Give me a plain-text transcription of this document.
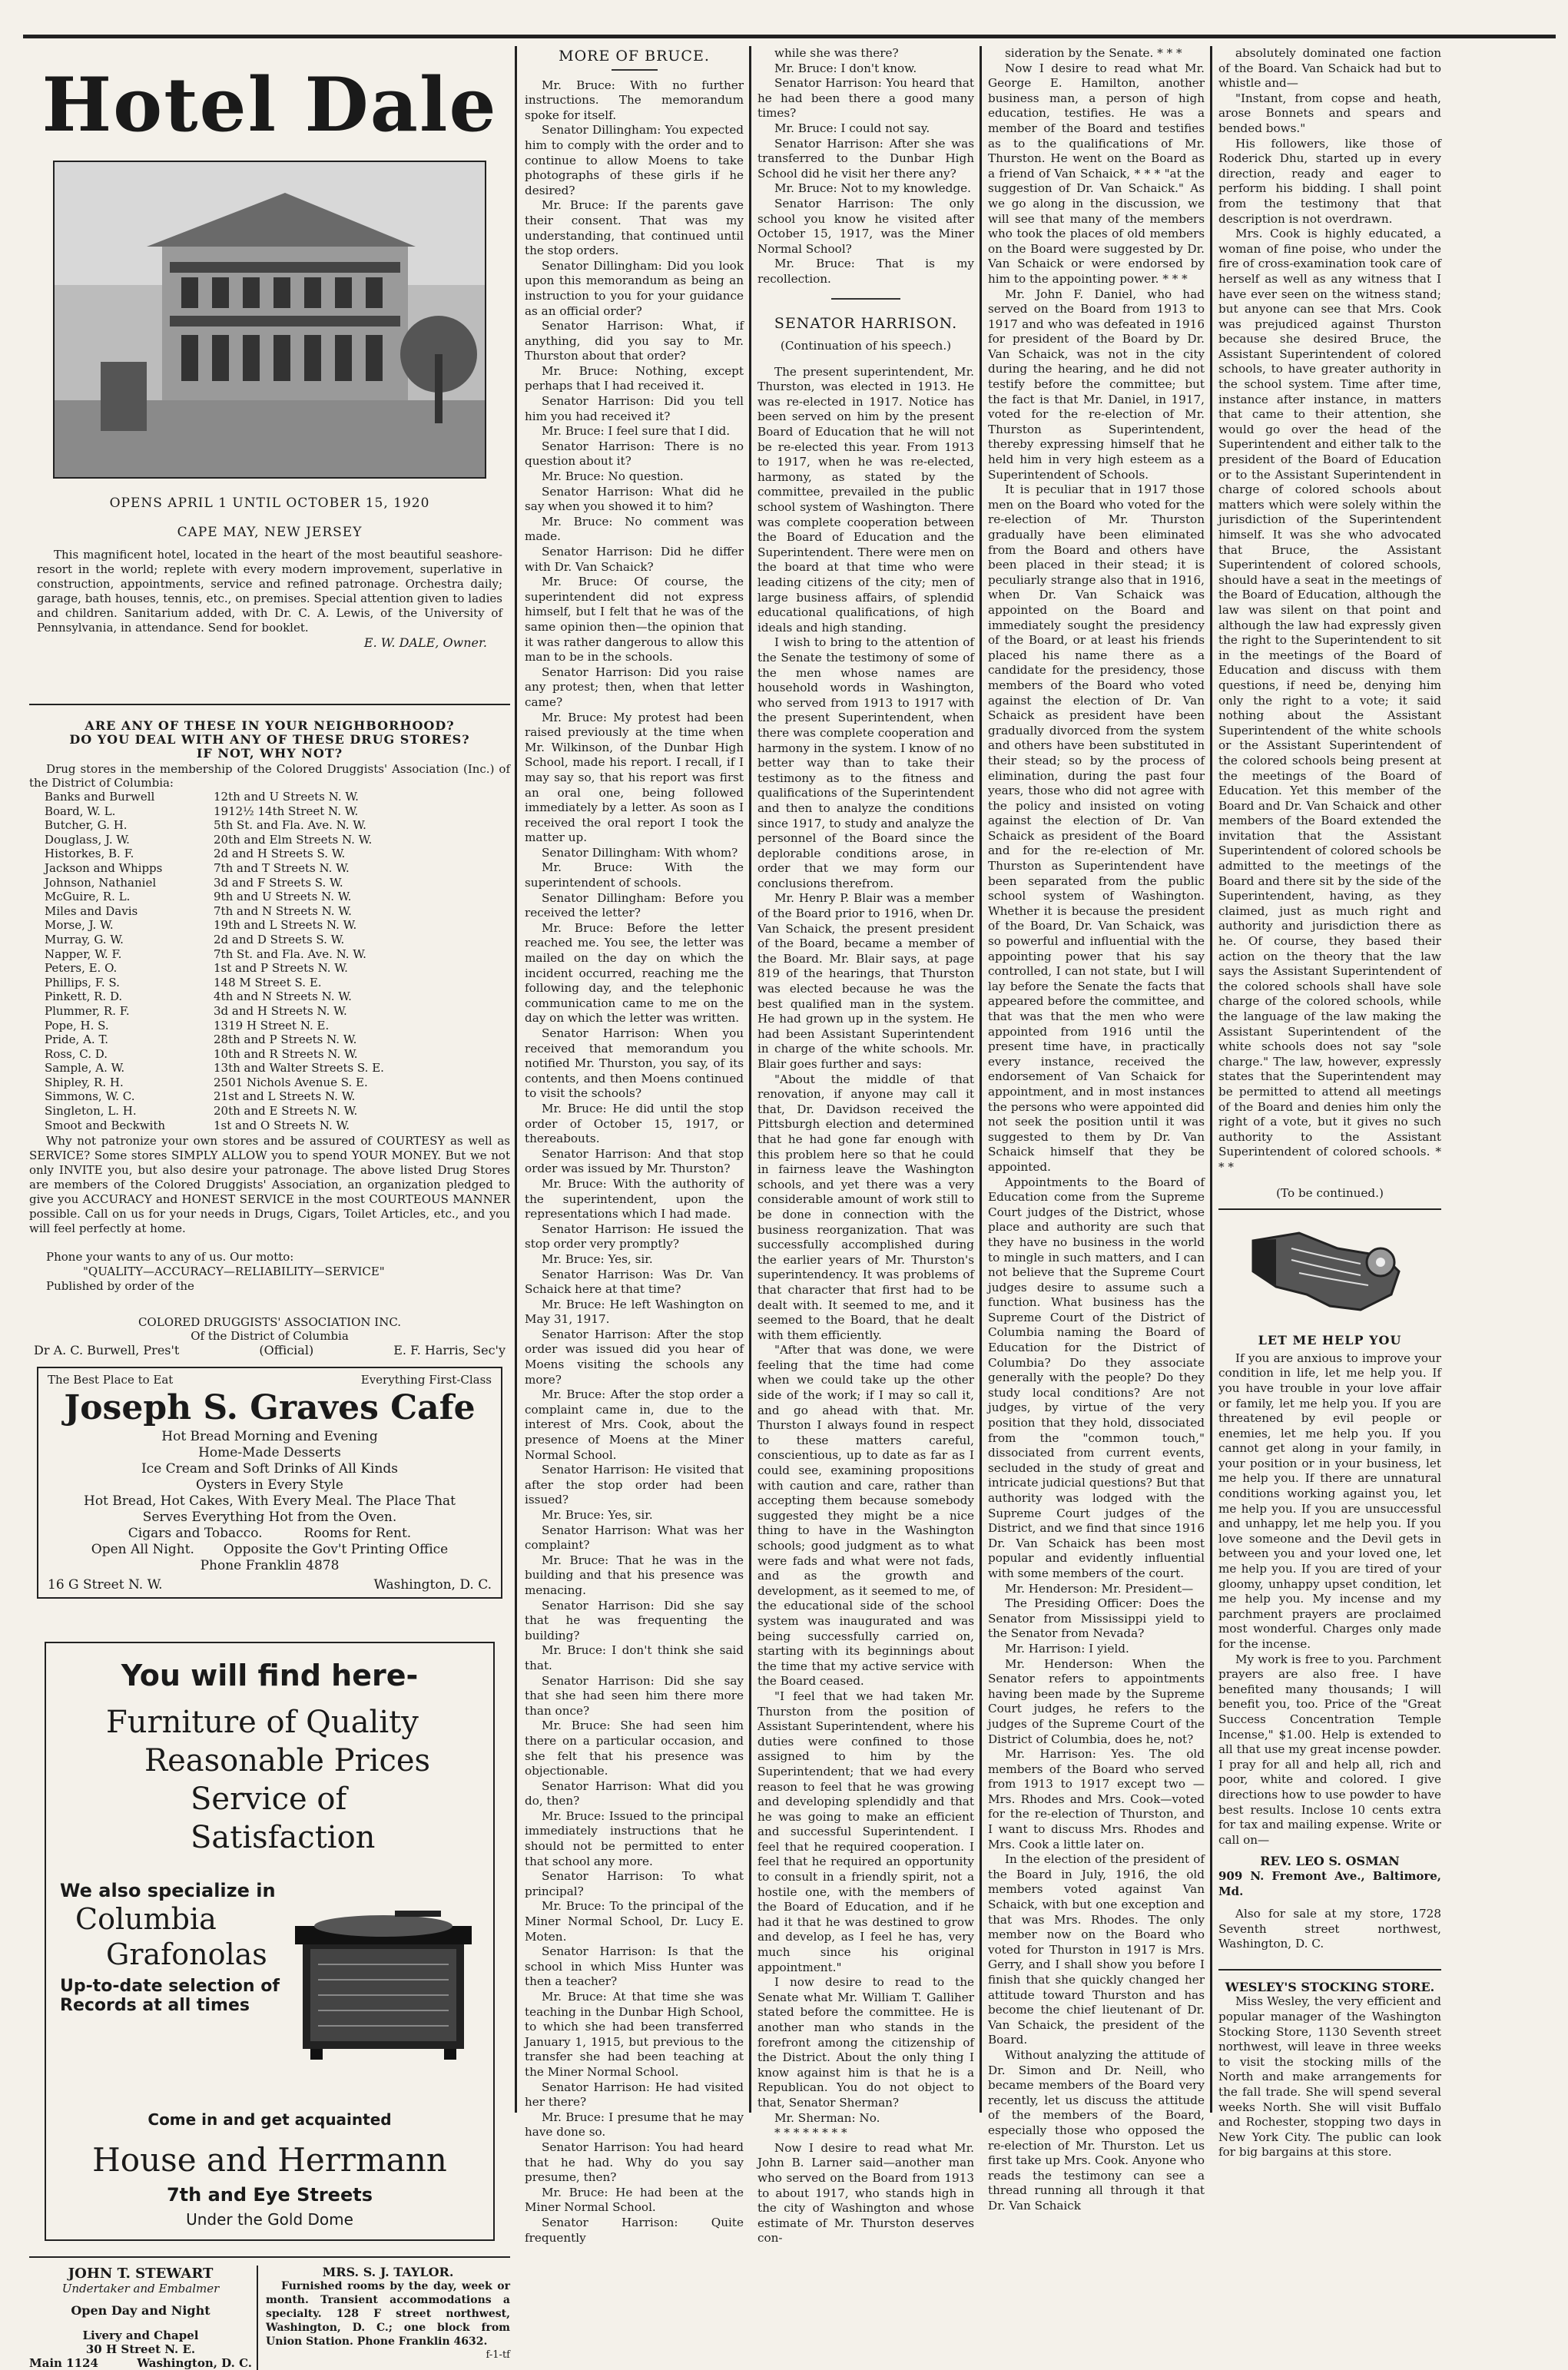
Hotel Dale
OPENS APRIL 1 UNTIL OCTOBER 15, 1920
CAPE MAY, NEW JERSEY
This magnificent hotel, located in the heart of the most beautiful seashore-resort in the world; replete with every modern improvement, superlative in construction, appointments, service and refined patronage. Orchestra daily; garage, bath houses, tennis, etc., on premises. Special attention given to ladies and children. Sanitarium added, with Dr. C. A. Lewis, of the University of Pennsylvania, in attendance. Send for booklet.
E. W. DALE, Owner.
ARE ANY OF THESE IN YOUR NEIGHBORHOOD?
DO YOU DEAL WITH ANY OF THESE DRUG STORES?
IF NOT, WHY NOT?
Drug stores in the membership of the Colored Druggists' Association (Inc.) of the District of Columbia:
Banks and Burwell	12th and U Streets N. W.
Board, W. L.	1912½ 14th Street N. W.
Butcher, G. H.	5th St. and Fla. Ave. N. W.
Douglass, J. W.	20th and Elm Streets N. W.
Historkes, B. F.	2d and H Streets S. W.
Jackson and Whipps	7th and T Streets N. W.
Johnson, Nathaniel	3d and F Streets S. W.
McGuire, R. L.	9th and U Streets N. W.
Miles and Davis	7th and N Streets N. W.
Morse, J. W.	19th and L Streets N. W.
Murray, G. W.	2d and D Streets S. W.
Napper, W. F.	7th St. and Fla. Ave. N. W.
Peters, E. O.	1st and P Streets N. W.
Phillips, F. S.	148 M Street S. E.
Pinkett, R. D.	4th and N Streets N. W.
Plummer, R. F.	3d and H Streets N. W.
Pope, H. S.	1319 H Street N. E.
Pride, A. T.	28th and P Streets N. W.
Ross, C. D.	10th and R Streets N. W.
Sample, A. W.	13th and Walter Streets S. E.
Shipley, R. H.	2501 Nichols Avenue S. E.
Simmons, W. C.	21st and L Streets N. W.
Singleton, L. H.	20th and E Streets N. W.
Smoot and Beckwith	1st and O Streets N. W.
Why not patronize your own stores and be assured of COURTESY as well as SERVICE? Some stores SIMPLY ALLOW you to spend YOUR MONEY. But we not only INVITE you, but also desire your patronage. The above listed Drug Stores are members of the Colored Druggists' Association, an organization pledged to give you ACCURACY and HONEST SERVICE in the most COURTEOUS MANNER possible. Call on us for your needs in Drugs, Cigars, Toilet Articles, etc., and you will feel perfectly at home.
Phone your wants to any of us. Our motto:
"QUALITY—ACCURACY—RELIABILITY—SERVICE"
Published by order of the
COLORED DRUGGISTS' ASSOCIATION INC.
Of the District of Columbia
Dr A. C. Burwell, Pres't	(Official)	E. F. Harris, Sec'y
The Best Place to Eat	Everything First-Class
Joseph S. Graves Cafe
Hot Bread Morning and Evening
Home-Made Desserts
Ice Cream and Soft Drinks of All Kinds
Oysters in Every Style
Hot Bread, Hot Cakes, With Every Meal. The Place That
Serves Everything Hot from the Oven.
Cigars and Tobacco.          Rooms for Rent.
Open All Night.       Opposite the Gov't Printing Office
Phone Franklin 4878
16 G Street N. W.	Washington, D. C.
You will find here-
Furniture of Quality
Reasonable Prices
Service of Satisfaction
We also specialize in
Columbia
Grafonolas
Up-to-date selection of
Records at all times
Come in and get acquainted
House and Herrmann
7th and Eye Streets
Under the Gold Dome
JOHN T. STEWART
Undertaker and Embalmer
Open Day and Night
Livery and Chapel
30 H Street N. E.
Main 1124	Washington, D. C.
MRS. S. J. TAYLOR.
Furnished rooms by the day, week or month. Transient accommodations a specialty. 128 F street northwest, Washington, D. C.; one block from Union Station. Phone Franklin 4632.
f-1-tf
MORE OF BRUCE.

Mr. Bruce: With no further instructions. The memorandum spoke for itself.

Senator Dillingham: You expected him to comply with the order and to continue to allow Moens to take photographs of these girls if he desired?

Mr. Bruce: If the parents gave their consent. That was my understanding, that continued until the stop orders.

Senator Dillingham: Did you look upon this memorandum as being an instruction to you for your guidance as an official order?

Senator Harrison: What, if anything, did you say to Mr. Thurston about that order?

Mr. Bruce: Nothing, except perhaps that I had received it.

Senator Harrison: Did you tell him you had received it?

Mr. Bruce: I feel sure that I did.

Senator Harrison: There is no question about it?

Mr. Bruce: No question.

Senator Harrison: What did he say when you showed it to him?

Mr. Bruce: No comment was made.

Senator Harrison: Did he differ with Dr. Van Schaick?

Mr. Bruce: Of course, the superintendent did not express himself, but I felt that he was of the same opinion then—the opinion that it was rather dangerous to allow this man to be in the schools.

Senator Harrison: Did you raise any protest; then, when that letter came?

Mr. Bruce: My protest had been raised previously at the time when Mr. Wilkinson, of the Dunbar High School, made his report. I recall, if I may say so, that his report was first an oral one, being followed immediately by a letter. As soon as I received the oral report I took the matter up.

Senator Dillingham: With whom?

Mr. Bruce: With the superintendent of schools.

Senator Dillingham: Before you received the letter?

Mr. Bruce: Before the letter reached me. You see, the letter was mailed on the day on which the incident occurred, reaching me the following day, and the telephonic communication came to me on the day on which the letter was written.

Senator Harrison: When you received that memorandum you notified Mr. Thurston, you say, of its contents, and then Moens continued to visit the schools?

Mr. Bruce: He did until the stop order of October 15, 1917, or thereabouts.

Senator Harrison: And that stop order was issued by Mr. Thurston?

Mr. Bruce: With the authority of the superintendent, upon the representations which I had made.

Senator Harrison: He issued the stop order very promptly?

Mr. Bruce: Yes, sir.

Senator Harrison: Was Dr. Van Schaick here at that time?

Mr. Bruce: He left Washington on May 31, 1917.

Senator Harrison: After the stop order was issued did you hear of Moens visiting the schools any more?

Mr. Bruce: After the stop order a complaint came in, due to the interest of Mrs. Cook, about the presence of Moens at the Miner Normal School.

Senator Harrison: He visited that after the stop order had been issued?

Mr. Bruce: Yes, sir.

Senator Harrison: What was her complaint?

Mr. Bruce: That he was in the building and that his presence was menacing.

Senator Harrison: Did she say that he was frequenting the building?

Mr. Bruce: I don't think she said that.

Senator Harrison: Did she say that she had seen him there more than once?

Mr. Bruce: She had seen him there on a particular occasion, and she felt that his presence was objectionable.

Senator Harrison: What did you do, then?

Mr. Bruce: Issued to the principal immediately instructions that he should not be permitted to enter that school any more.

Senator Harrison: To what principal?

Mr. Bruce: To the principal of the Miner Normal School, Dr. Lucy E. Moten.

Senator Harrison: Is that the school in which Miss Hunter was then a teacher?

Mr. Bruce: At that time she was teaching in the Dunbar High School, to which she had been transferred January 1, 1915, but previous to the transfer she had been teaching at the Miner Normal School.

Senator Harrison: He had visited her there?

Mr. Bruce: I presume that he may have done so.

Senator Harrison: You had heard that he had. Why do you say presume, then?

Mr. Bruce: He had been at the Miner Normal School.

Senator Harrison: Quite frequently

while she was there?

Mr. Bruce: I don't know.

Senator Harrison: You heard that he had been there a good many times?

Mr. Bruce: I could not say.

Senator Harrison: After she was transferred to the Dunbar High School did he visit her there any?

Mr. Bruce: Not to my knowledge.

Senator Harrison: The only school you know he visited after October 15, 1917, was the Miner Normal School?

Mr. Bruce: That is my recollection.

SENATOR HARRISON.
(Continuation of his speech.)

The present superintendent, Mr. Thurston, was elected in 1913. He was re-elected in 1917. Notice has been served on him by the present Board of Education that he will not be re-elected this year. From 1913 to 1917, when he was re-elected, harmony, as stated by the committee, prevailed in the public school system of Washington. There was complete cooperation between the Board of Education and the Superintendent. There were men on the board at that time who were leading citizens of the city; men of large business affairs, of splendid educational qualifications, of high ideals and high standing.

I wish to bring to the attention of the Senate the testimony of some of the men whose names are household words in Washington, who served from 1913 to 1917 with the present Superintendent, when there was complete cooperation and harmony in the system. I know of no better way than to take their testimony as to the fitness and qualifications of the Superintendent and then to analyze the conditions since 1917, to study and analyze the personnel of the Board since the deplorable conditions arose, in order that we may form our conclusions therefrom.

Mr. Henry P. Blair was a member of the Board prior to 1916, when Dr. Van Schaick, the present president of the Board, became a member of the Board. Mr. Blair says, at page 819 of the hearings, that Thurston was elected because he was the best qualified man in the system. He had grown up in the system. He had been Assistant Superintendent in charge of the white schools. Mr. Blair goes further and says:

"About the middle of that renovation, if anyone may call it that, Dr. Davidson received the Pittsburgh election and determined that he had gone far enough with this problem here so that he could in fairness leave the Washington schools, and yet there was a very considerable amount of work still to be done in connection with the business reorganization. That was successfully accomplished during the earlier years of Mr. Thurston's superintendency. It was problems of that character that first had to be dealt with. It seemed to me, and it seemed to the Board, that he dealt with them efficiently.

"After that was done, we were feeling that the time had come when we could take up the other side of the work; if I may so call it, and go ahead with that. Mr. Thurston I always found in respect to these matters careful, conscientious, up to date as far as I could see, examining propositions with caution and care, rather than accepting them because somebody suggested they might be a nice thing to have in the Washington schools; good judgment as to what were fads and what were not fads, and as the growth and development, as it seemed to me, of the educational side of the school system was inaugurated and was being successfully carried on, starting with its beginnings about the time that my active service with the Board ceased.

"I feel that we had taken Mr. Thurston from the position of Assistant Superintendent, where his duties were confined to those assigned to him by the Superintendent; that we had every reason to feel that he was growing and developing splendidly and that he was going to make an efficient and successful Superintendent. I feel that he required cooperation. I feel that he required an opportunity to consult in a friendly spirit, not a hostile one, with the members of the Board of Education, and if he had it that he was destined to grow and develop, as I feel he has, very much since his original appointment."

I now desire to read to the Senate what Mr. William T. Galliher stated before the committee. He is another man who stands in the forefront among the citizenship of the District. About the only thing I know against him is that he is a Republican. You do not object to that, Senator Sherman?

Mr. Sherman: No.

* * * * * * * *

Now I desire to read what Mr. John B. Larner said—another man who served on the Board from 1913 to about 1917, who stands high in the city of Washington and whose estimate of Mr. Thurston deserves con-

sideration by the Senate. * * *

Now I desire to read what Mr. George E. Hamilton, another business man, a person of high education, testifies. He was a member of the Board and testifies as to the qualifications of Mr. Thurston. He went on the Board as a friend of Van Schaick, * * * "at the suggestion of Dr. Van Schaick." As we go along in the discussion, we will see that many of the members who took the places of old members on the Board were suggested by Dr. Van Schaick or were endorsed by him to the appointing power. * * *

Mr. John F. Daniel, who had served on the Board from 1913 to 1917 and who was defeated in 1916 for president of the Board by Dr. Van Schaick, was not in the city during the hearing, and he did not testify before the committee; but the fact is that Mr. Daniel, in 1917, voted for the re-election of Mr. Thurston as Superintendent, thereby expressing himself that he held him in very high esteem as a Superintendent of Schools.

It is peculiar that in 1917 those men on the Board who voted for the re-election of Mr. Thurston gradually have been eliminated from the Board and others have been placed in their stead; it is peculiarly strange also that in 1916, when Dr. Van Schaick was appointed on the Board and immediately sought the presidency of the Board, or at least his friends placed his name there as a candidate for the presidency, those members of the Board who voted against the election of Dr. Van Schaick as president have been gradually divorced from the system and others have been substituted in their stead; so by the process of elimination, during the past four years, those who did not agree with the policy and insisted on voting against the election of Dr. Van Schaick as president of the Board and for the re-election of Mr. Thurston as Superintendent have been separated from the public school system of Washington. Whether it is because the president of the Board, Dr. Van Schaick, was so powerful and influential with the appointing power that his say controlled, I can not state, but I will lay before the Senate the facts that appeared before the committee, and that was that the men who were appointed from 1916 until the present time have, in practically every instance, received the endorsement of Van Schaick for appointment, and in most instances the persons who were appointed did not seek the position until it was suggested to them by Dr. Van Schaick himself that they be appointed.

Appointments to the Board of Education come from the Supreme Court judges of the District, whose place and authority are such that they have no business in the world to mingle in such matters, and I can not believe that the Supreme Court judges desire to assume such a function. What business has the Supreme Court of the District of Columbia naming the Board of Education for the District of Columbia? Do they associate generally with the people? Do they study local conditions? Are not judges, by virtue of the very position that they hold, dissociated from the "common touch," dissociated from current events, secluded in the study of great and intricate judicial questions? But that authority was lodged with the Supreme Court judges of the District, and we find that since 1916 Dr. Van Schaick has been most popular and evidently influential with some members of the court.

Mr. Henderson: Mr. President—

The Presiding Officer: Does the Senator from Mississippi yield to the Senator from Nevada?

Mr. Harrison: I yield.

Mr. Henderson: When the Senator refers to appointments having been made by the Supreme Court judges, he refers to the judges of the Supreme Court of the District of Columbia, does he, not?

Mr. Harrison: Yes. The old members of the Board who served from 1913 to 1917 except two — Mrs. Rhodes and Mrs. Cook—voted for the re-election of Thurston, and I want to discuss Mrs. Rhodes and Mrs. Cook a little later on.

In the election of the president of the Board in July, 1916, the old members voted against Van Schaick, with but one exception and that was Mrs. Rhodes. The only member now on the Board who voted for Thurston in 1917 is Mrs. Gerry, and I shall show you before I finish that she quickly changed her attitude toward Thurston and has become the chief lieutenant of Dr. Van Schaick, the president of the Board.

Without analyzing the attitude of Dr. Simon and Dr. Neill, who became members of the Board very recently, let us discuss the attitude of the members of the Board, especially those who opposed the re-election of Mr. Thurston. Let us first take up Mrs. Cook. Anyone who reads the testimony can see a thread running all through it that Dr. Van Schaick

absolutely dominated one faction of the Board. Van Schaick had but to whistle and—

"Instant, from copse and heath, arose Bonnets and spears and bended bows."

His followers, like those of Roderick Dhu, started up in every direction, ready and eager to perform his bidding. I shall point from the testimony that that description is not overdrawn.

Mrs. Cook is highly educated, a woman of fine poise, who under the fire of cross-examination took care of herself as well as any witness that I have ever seen on the witness stand; but anyone can see that Mrs. Cook was prejudiced against Thurston because she desired Bruce, the Assistant Superintendent of colored schools, to have greater authority in the school system. Time after time, instance after instance, in matters that came to their attention, she would go over the head of the Superintendent and either talk to the president of the Board of Education or to the Assistant Superintendent in charge of colored schools about matters which were solely within the jurisdiction of the Superintendent himself. It was she who advocated that Bruce, the Assistant Superintendent of colored schools, should have a seat in the meetings of the Board of Education, although the law was silent on that point and although the law had expressly given the right to the Superintendent to sit in the meetings of the Board of Education and discuss with them questions, if need be, denying him only the right to a vote; it said nothing about the Assistant Superintendent of the white schools or the Assistant Superintendent of the colored schools being present at the meetings of the Board of Education. Yet this member of the Board and Dr. Van Schaick and other members of the Board extended the invitation that the Assistant Superintendent of colored schools be admitted to the meetings of the Board and there sit by the side of the Superintendent, having, as they claimed, just as much right and authority and jurisdiction there as he. Of course, they based their action on the theory that the law says the Assistant Superintendent of the colored schools shall have sole charge of the colored schools, while the language of the law making the Assistant Superintendent of the white schools does not say "sole charge." The law, however, expressly states that the Superintendent may be permitted to attend all meetings of the Board and denies him only the right of a vote, but it gives no such authority to the Assistant Superintendent of colored schools. * * *

(To be continued.)
LET ME HELP YOU

If you are anxious to improve your condition in life, let me help you. If you have trouble in your love affair or family, let me help you. If you are threatened by evil people or enemies, let me help you. If you cannot get along in your family, in your position or in your business, let me help you. If there are unnatural conditions working against you, let me help you. If you are unsuccessful and unhappy, let me help you. If you love someone and the Devil gets in between you and your loved one, let me help you. If you are tired of your gloomy, unhappy upset condition, let me help you. My incense and my parchment prayers are proclaimed most wonderful. Charges only made for the incense.

My work is free to you. Parchment prayers are also free. I have benefited many thousands; I will benefit you, too. Price of the "Great Success Concentration Temple Incense," $1.00. Help is extended to all that use my great incense powder. I pray for all and help all, rich and poor, white and colored. I give directions how to use powder to have best results. Inclose 10 cents extra for tax and mailing expense. Write or call on—

REV. LEO S. OSMAN
909 N. Fremont Ave., Baltimore, Md.

Also for sale at my store, 1728 Seventh street northwest, Washington, D. C.

WESLEY'S STOCKING STORE.

Miss Wesley, the very efficient and popular manager of the Washington Stocking Store, 1130 Seventh street northwest, will leave in three weeks to visit the stocking mills of the North and make arrangements for the fall trade. She will spend several weeks North. She will visit Buffalo and Rochester, stopping two days in New York City. The public can look for big bargains at this store.
